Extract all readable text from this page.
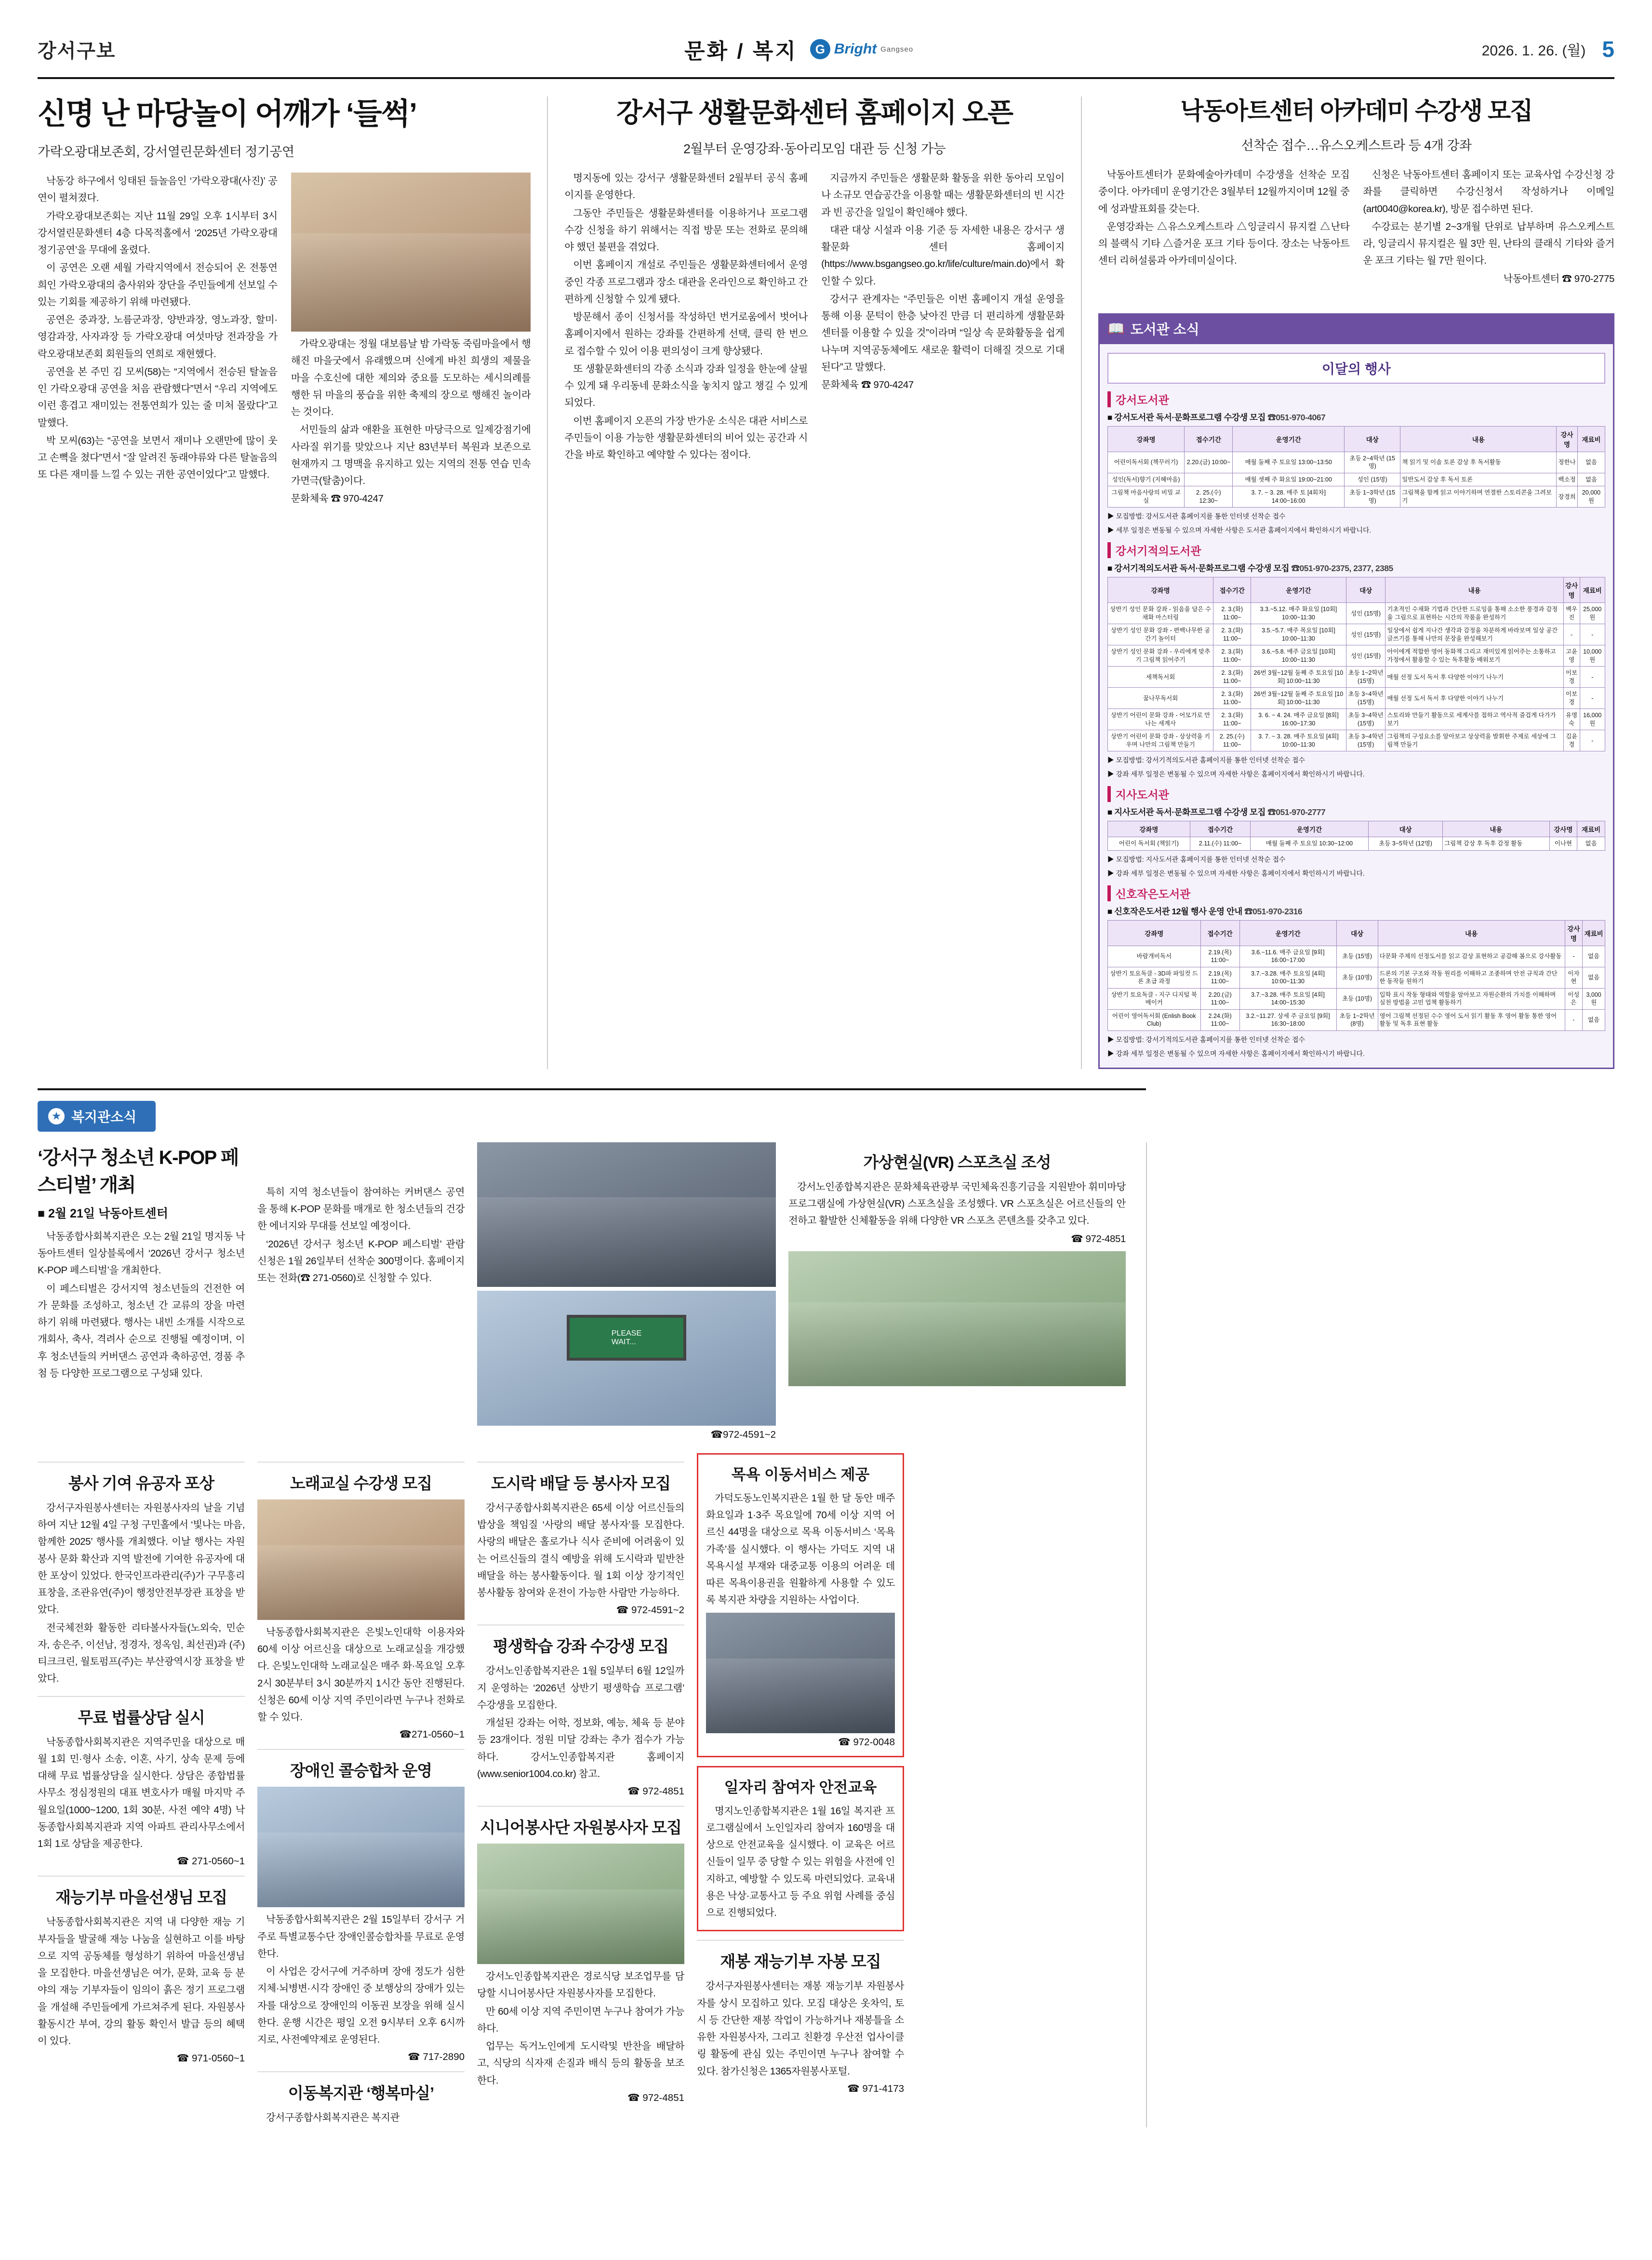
강서구보	문화 / 복지	G Bright Gangseo	2026. 1. 26. (월) 5
신명 난 마당놀이 어깨가 ‘들썩’
가락오광대보존회, 강서열린문화센터 정기공연

낙동강 하구에서 잉태된 들놀음인 ‘가락오광대(사진)’ 공연이 펼쳐졌다.

가락오광대보존회는 지난 11월 29일 오후 1시부터 3시 강서열린문화센터 4층 다목적홀에서 ‘2025년 가락오광대 정기공연’을 무대에 올렸다.

이 공연은 오랜 세월 가락지역에서 전승되어 온 전통연희인 가락오광대의 춤사위와 장단을 주민들에게 선보일 수 있는 기회를 제공하기 위해 마련됐다.

공연은 중과장, 노름군과장, 양반과장, 영노과장, 할미·영감과장, 사자과장 등 가락오광대 여섯마당 전과장을 가락오광대보존회 회원들의 연희로 재현했다.

공연을 본 주민 김 모씨(58)는 “지역에서 전승된 탈놀음인 가락오광대 공연을 처음 관람했다”면서 “우리 지역에도 이런 흥겹고 재미있는 전통연희가 있는 줄 미처 몰랐다”고 말했다.

박 모씨(63)는 “공연을 보면서 재미나 오랜만에 많이 웃고 손뼉을 쳤다”면서 “잘 알려진 동래야류와 다른 탈놀음의 또 다른 재미를 느낄 수 있는 귀한 공연이었다”고 말했다.

가락오광대는 정월 대보름날 밤 가락동 죽림마을에서 행해진 마을굿에서 유래했으며 신에게 바친 희생의 제물을 마을 수호신에 대한 제의와 중요를 도모하는 세시의례를 행한 뒤 마을의 풍습을 위한 축제의 장으로 행해진 놀이라는 것이다.

서민들의 삶과 애환을 표현한 마당극으로 일제강점기에 사라질 위기를 맞았으나 지난 83년부터 복원과 보존으로 현재까지 그 명맥을 유지하고 있는 지역의 전통 연습 민속가면극(탈춤)이다.

문화체육 ☎ 970-4247

강서구 생활문화센터 홈페이지 오픈
2월부터 운영강좌·동아리모임 대관 등 신청 가능

명지동에 있는 강서구 생활문화센터 2월부터 공식 홈페이지를 운영한다.

그동안 주민들은 생활문화센터를 이용하거나 프로그램 수강 신청을 하기 위해서는 직접 방문 또는 전화로 문의해야 했던 불편을 겪었다.

이번 홈페이지 개설로 주민들은 생활문화센터에서 운영 중인 각종 프로그램과 장소 대관을 온라인으로 확인하고 간편하게 신청할 수 있게 됐다.

방문해서 종이 신청서를 작성하던 번거로움에서 벗어나 홈페이지에서 원하는 강좌를 간편하게 선택, 클릭 한 번으로 접수할 수 있어 이용 편의성이 크게 향상됐다.

또 생활문화센터의 각종 소식과 강좌 일정을 한눈에 살필 수 있게 돼 우리동네 문화소식을 놓치지 않고 챙길 수 있게 되었다.

이번 홈페이지 오픈의 가장 반가운 소식은 대관 서비스로 주민들이 이용 가능한 생활문화센터의 비어 있는 공간과 시간을 바로 확인하고 예약할 수 있다는 점이다.

지금까지 주민들은 생활문화 활동을 위한 동아리 모임이나 소규모 연습공간을 이용할 때는 생활문화센터의 빈 시간과 빈 공간을 일일이 확인해야 했다.

대관 대상 시설과 이용 기준 등 자세한 내용은 강서구 생활문화 센터 홈페이지(https://www.bsgangseo.go.kr/life/culture/main.do)에서 확인할 수 있다.

강서구 관계자는 “주민들은 이번 홈페이지 개설 운영을 통해 이용 문턱이 한층 낮아진 만큼 더 편리하게 생활문화센터를 이용할 수 있을 것”이라며 “일상 속 문화활동을 쉽게 나누며 지역공동체에도 새로운 활력이 더해질 것으로 기대된다”고 말했다.

문화체육 ☎ 970-4247

낙동아트센터 아카데미 수강생 모집
선착순 접수…유스오케스트라 등 4개 강좌

낙동아트센터가 문화예술아카데미 수강생을 선착순 모집 중이다. 아카데미 운영기간은 3월부터 12월까지이며 12월 중에 성과발표회를 갖는다.

운영강좌는 △유스오케스트라 △잉글리시 뮤지컬 △난타의 블랙식 기타 △즐거운 포크 기타 등이다. 장소는 낙동아트센터 리허설룸과 아카데미실이다.

신청은 낙동아트센터 홈페이지 또는 교육사업 수강신청 강좌를 클릭하면 수강신청서 작성하거나 이메일(art0040@korea.kr), 방문 접수하면 된다.

수강료는 분기별 2~3개월 단위로 납부하며 유스오케스트라, 잉글리시 뮤지컬은 월 3만 원, 난타의 클래식 기타와 즐거운 포크 기타는 월 7만 원이다.

낙동아트센터 ☎ 970-2775

📖 도서관 소식
이달의 행사
강서도서관
■ 강서도서관 독서·문화프로그램 수강생 모집 ☎051-970-4067
강좌명	접수기간	운영기간	대상	내용	강사명	재료비
어린이독서회 (책꾸러기)	2.20.(금) 10:00~	매월 둘째 주 토요일 13:00~13:50	초등 2~4학년 (15명)	책 읽기 및 이솝 토론 감상 후 독서활동	정한나	없음
성인(독서)향기 (지혜마음)		매월 셋째 주 화요일 19:00~21:00	성인 (15명)	일반도서 감상 후 독서 토론	백소정	없음
그림책 마음사랑의 비밀 교실	2. 25.(수) 12:30~	3. 7. ~ 3. 28. 매주 토 [4회차] 14:00~16:00	초등 1~3학년 (15명)	그림책을 함께 읽고 이야기하며 연결한 스토리콘을 그려보기	장경희	20,000원
▶ 모집방법: 강서도서관 홈페이지를 통한 인터넷 선착순 접수
▶ 세부 일정은 변동될 수 있으며 자세한 사항은 도서관 홈페이지에서 확인하시기 바랍니다.
강서기적의도서관
■ 강서기적의도서관 독서·문화프로그램 수강생 모집 ☎051-970-2375, 2377, 2385
강좌명	접수기간	운영기간	대상	내용	강사명	재료비
상반기 성인 문화 강좌 - 읽음을 담은 수채화 마스터링	2. 3.(화) 11:00~	3.3.~5.12. 매주 화요일 [10회] 10:00~11:30	성인 (15명)	기초적인 수채화 기법과 간단한 드로잉을 통해 소소한 풍경과 감정을 그림으로 표현하는 시간의 작품을 완성하기	백우진	25,000원
상반기 성인 문화 강좌 - 편백나무한 공간기 놀이터	2. 3.(화) 11:00~	3.5.~5.7. 매주 목요일 [10회] 10:00~11:30	성인 (15명)	일상에서 쉽게 지나간 생각과 감정을 차분하게 바라보며 일상 공간 글쓰기를 통해 나만의 문장을 완성해보기	-	-
상반기 성인 문화 강좌 - 우리에게 맞추기 그림책 읽어주기	2. 3.(화) 11:00~	3.6.~5.8. 매주 금요일 [10회] 10:00~11:30	성인 (15명)	아이에게 적합한 영어 동화책 그리고 재미있게 읽어주는 소통하고 가정에서 활용할 수 있는 독후활동 배워보기	고윤영	10,000원
세책독서회	2. 3.(화) 11:00~	26번 3월~12월 둘째 주 토요일 [10회] 10:00~11:30	초등 1~2학년 (15명)	매월 선정 도서 독서 후 다양한 이야기 나누기	이보경	-
꿈나무독서회	2. 3.(화) 11:00~	26번 3월~12월 둘째 주 토요일 [10회] 10:00~11:30	초등 3~4학년 (15명)	매월 선정 도서 독서 후 다양한 이야기 나누기	이보경	-
상반기 어린이 문화 강좌 - 어모가로 만나는 세계사	2. 3.(화) 11:00~	3. 6. ~ 4. 24. 매주 금요일 [8회] 16:00~17:30	초등 3~4학년 (15명)	스토리와 만들기 활동으로 세계사를 접하고 역사적 즐겁게 다가가 보기	유명숙	16,000원
상반기 어린이 문화 강좌 - 상상력을 키우며 나만의 그림책 만들기	2. 25.(수) 11:00~	3. 7. ~ 3. 28. 매주 토요일 [4회] 10:00~11:30	초등 3~4학년 (15명)	그림책의 구성요소를 알아보고 상상력을 발휘한 주제로 세상에 그림책 만들기	김윤경	-
▶ 모집방법: 강서기적의도서관 홈페이지를 통한 인터넷 선착순 접수
▶ 강좌 세부 일정은 변동될 수 있으며 자세한 사항은 홈페이지에서 확인하시기 바랍니다.
지사도서관
■ 지사도서관 독서·문화프로그램 수강생 모집 ☎051-970-2777
강좌명	접수기간	운영기간	대상	내용	강사명	재료비
어린이 독서회 (책읽기)	2.11.(수) 11:00~	매월 둘째 주 토요일 10:30~12:00	초등 3~5학년 (12명)	그림책 감상 후 독후 감정 활동	이나현	없음
▶ 모집방법: 지사도서관 홈페이지를 통한 인터넷 선착순 접수
▶ 강좌 세부 일정은 변동될 수 있으며 자세한 사항은 홈페이지에서 확인하시기 바랍니다.
신호작은도서관
■ 신호작은도서관 12월 행사 운영 안내 ☎051-970-2316
강좌명	접수기간	운영기간	대상	내용	강사명	재료비
바람개비독서	2.19.(목) 11:00~	3.6.~11.6. 매주 금요일 [9회] 16:00~17:00	초등 (15명)	다문화 주제의 선정도서를 읽고 감상 표현하고 공감해 봄으로 강사활동	-	없음
상반기 토요독클 - 3D파 파일컷 드론 초급 과정	2.19.(목) 11:00~	3.7.~3.28. 매주 토요일 [4회] 10:00~11:30	초등 (10명)	드론의 기본 구조와 작동 원리를 이해하고 조종하며 안전 규칙과 간단 한 동작들 원하기	이자현	없음
상반기 토요독클 - 지구 디지털 북메이커	2.20.(금) 11:00~	3.7.~3.28. 매주 토요일 [4회] 14:00~15:30	초등 (10명)	입학 표시 작동 형태와 역할을 알아보고 자원순환의 가치를 이해하며 실천 방법을 고민 업책 활동하기	이성은	3,000원
어린이 영어독서회 (Enlish Book Club)	2.24.(화) 11:00~	3.2.~11.27. 상세 주 금요일 [9회] 16:30~18:00	초등 1~2학년 (8명)	영어 그림책 선정된 수수 영어 도서 읽기 활동 후 영어 활동 통한 영어 활동 및 독후 표현 활동	-	없음
▶ 모집방법: 강서기적의도서관 홈페이지를 통한 인터넷 선착순 접수
▶ 강좌 세부 일정은 변동될 수 있으며 자세한 사항은 홈페이지에서 확인하시기 바랍니다.
★ 복지관소식
‘강서구 청소년 K-POP 페스티벌’ 개최
■ 2월 21일 낙동아트센터

낙동종합사회복지관은 오는 2월 21일 명지동 낙동아트센터 일상블록에서 ‘2026년 강서구 청소년 K-POP 페스티벌’을 개최한다.

이 페스티벌은 강서지역 청소년들의 건전한 여가 문화를 조성하고, 청소년 간 교류의 장을 마련하기 위해 마련됐다. 행사는 내빈 소개를 시작으로 개회사, 축사, 격려사 순으로 진행될 예정이며, 이후 청소년들의 커버댄스 공연과 축하공연, 경품 추첨 등 다양한 프로그램으로 구성돼 있다.

특히 지역 청소년들이 참여하는 커버댄스 공연을 통해 K-POP 문화를 매개로 한 청소년들의 건강한 에너지와 무대를 선보일 예정이다.

‘2026년 강서구 청소년 K-POP 페스티벌’ 관람 신청은 1월 26일부터 선착순 300명이다. 홈페이지 또는 전화(☎ 271-0560)로 신청할 수 있다.

PLEASE
WAIT...
☎972-4591~2
가상현실(VR) 스포츠실 조성

강서노인종합복지관은 문화체육관광부 국민체육진흥기금을 지원받아 휘미마당 프로그램실에 가상현실(VR) 스포츠실을 조성했다. VR 스포츠실은 어르신들의 안전하고 활발한 신체활동을 위해 다양한 VR 스포츠 콘텐츠를 갖추고 있다.

☎ 972-4851

봉사 기여 유공자 포상

강서구자원봉사센터는 자원봉사자의 날을 기념하여 지난 12월 4일 구청 구민홀에서 ‘빛나는 마음, 함께한 2025’ 행사를 개최했다. 이날 행사는 자원봉사 문화 확산과 지역 발전에 기여한 유공자에 대한 포상이 있었다. 한국인프라관리(주)가 구무흥리 표창을, 조관유연(주)이 행정안전부장관 표창을 받았다.

전국체전화 활동한 리타볼사자들(노외숙, 민순자, 송은주, 이선남, 정경자, 정옥임, 최선권)과 (주)티크크린, 월토펌프(주)는 부산광역시장 표창을 받았다.

무료 법률상담 실시

낙동종합사회복지관은 지역주민을 대상으로 매월 1회 민·형사 소송, 이혼, 사기, 상속 문제 등에 대해 무료 법률상담을 실시한다. 상담은 종합법률사무소 정심정원의 대표 변호사가 매월 마지막 주 월요일(1000~1200, 1회 30분, 사전 예약 4명) 낙동종합사회복지관과 지역 아파트 관리사무소에서 1회 1로 상담을 제공한다.

☎ 271-0560~1
재능기부 마을선생님 모집

낙동종합사회복지관은 지역 내 다양한 재능 기부자들을 발굴해 재능 나눔을 실현하고 이를 바탕으로 지역 공동체를 형성하기 위하여 마을선생님을 모집한다. 마을선생님은 여가, 문화, 교육 등 분야의 재능 기부자들이 임의이 흙은 정기 프로그램을 개설해 주민들에게 가르쳐주게 된다. 자원봉사활동시간 부여, 강의 활동 확인서 발급 등의 혜택이 있다.

☎ 971-0560~1
노래교실 수강생 모집

낙동종합사회복지관은 은빛노인대학 이용자와 60세 이상 어르신을 대상으로 노래교실을 개강했다. 은빛노인대학 노래교실은 매주 화·목요일 오후 2시 30분부터 3시 30분까지 1시간 동안 진행된다. 신청은 60세 이상 지역 주민이라면 누구나 전화로 할 수 있다.

☎271-0560~1
장애인 콜승합차 운영

낙동종합사회복지관은 2월 15일부터 강서구 거주로 특별교통수단 장애인콜승합차를 무료로 운영한다.

이 사업은 강서구에 거주하며 장애 정도가 심한 지체·뇌병변·시각 장애인 중 보행상의 장애가 있는 자를 대상으로 장애인의 이동권 보장을 위해 실시한다. 운행 시간은 평일 오전 9시부터 오후 6시까지로, 사전예약제로 운영된다.

☎ 717-2890
이동복지관 ‘행복마실’

강서구종합사회복지관은 복지관

도시락 배달 등 봉사자 모집

강서구종합사회복지관은 65세 이상 어르신들의 밥상을 책임질 ‘사랑의 배달 봉사자’를 모집한다. 사랑의 배달은 홀로가나 식사 준비에 어려움이 있는 어르신들의 결식 예방을 위해 도시락과 밑반찬 배달을 하는 봉사활동이다. 월 1회 이상 장기적인 봉사활동 참여와 운전이 가능한 사람만 가능하다.

☎ 972-4591~2
평생학습 강좌 수강생 모집

강서노인종합복지관은 1월 5일부터 6월 12일까지 운영하는 ‘2026년 상반기 평생학습 프로그램’ 수강생을 모집한다.

개설된 강좌는 어학, 정보화, 예능, 체육 등 분야 등 23개이다. 정원 미달 강좌는 추가 접수가 가능하다. 강서노인종합복지관 홈페이지(www.senior1004.co.kr) 참고.

☎ 972-4851
시니어봉사단 자원봉사자 모집

강서노인종합복지관은 경로식당 보조업무를 담당할 시니어봉사단 자원봉사자를 모집한다.

만 60세 이상 지역 주민이면 누구나 참여가 가능하다.

업무는 독거노인에게 도시락및 반찬을 배달하고, 식당의 식자재 손질과 배식 등의 활동을 보조한다.

☎ 972-4851
목욕 이동서비스 제공

가덕도동노인복지관은 1월 한 달 동안 매주 화요일과 1·3주 목요일에 70세 이상 지역 어르신 44명을 대상으로 목욕 이동서비스 ‘목욕가족’를 실시했다. 이 행사는 가덕도 지역 내 목욕시설 부재와 대중교통 이용의 어려운 데 따른 목욕이용권을 원활하게 사용할 수 있도록 복지관 차량을 지원하는 사업이다.

☎ 972-0048
일자리 참여자 안전교육

명지노인종합복지관은 1월 16일 복지관 프로그램실에서 노인일자리 참여자 160명을 대상으로 안전교육을 실시했다. 이 교육은 어르신들이 일무 중 당할 수 있는 위험을 사전에 인지하고, 예방할 수 있도록 마련되었다. 교육내용은 낙상·교통사고 등 주요 위험 사례를 중심으로 진행되었다.

재봉 재능기부 자봉 모집

강서구자원봉사센터는 재봉 재능기부 자원봉사자를 상시 모집하고 있다. 모집 대상은 옷차익, 토시 등 간단한 재봉 작업이 가능하거나 재봉틀을 소유한 자원봉사자, 그리고 친환경 우산전 업사이클링 활동에 관심 있는 주민이면 누구나 참여할 수 있다. 참가신청은 1365자원봉사포털.

☎ 971-4173
